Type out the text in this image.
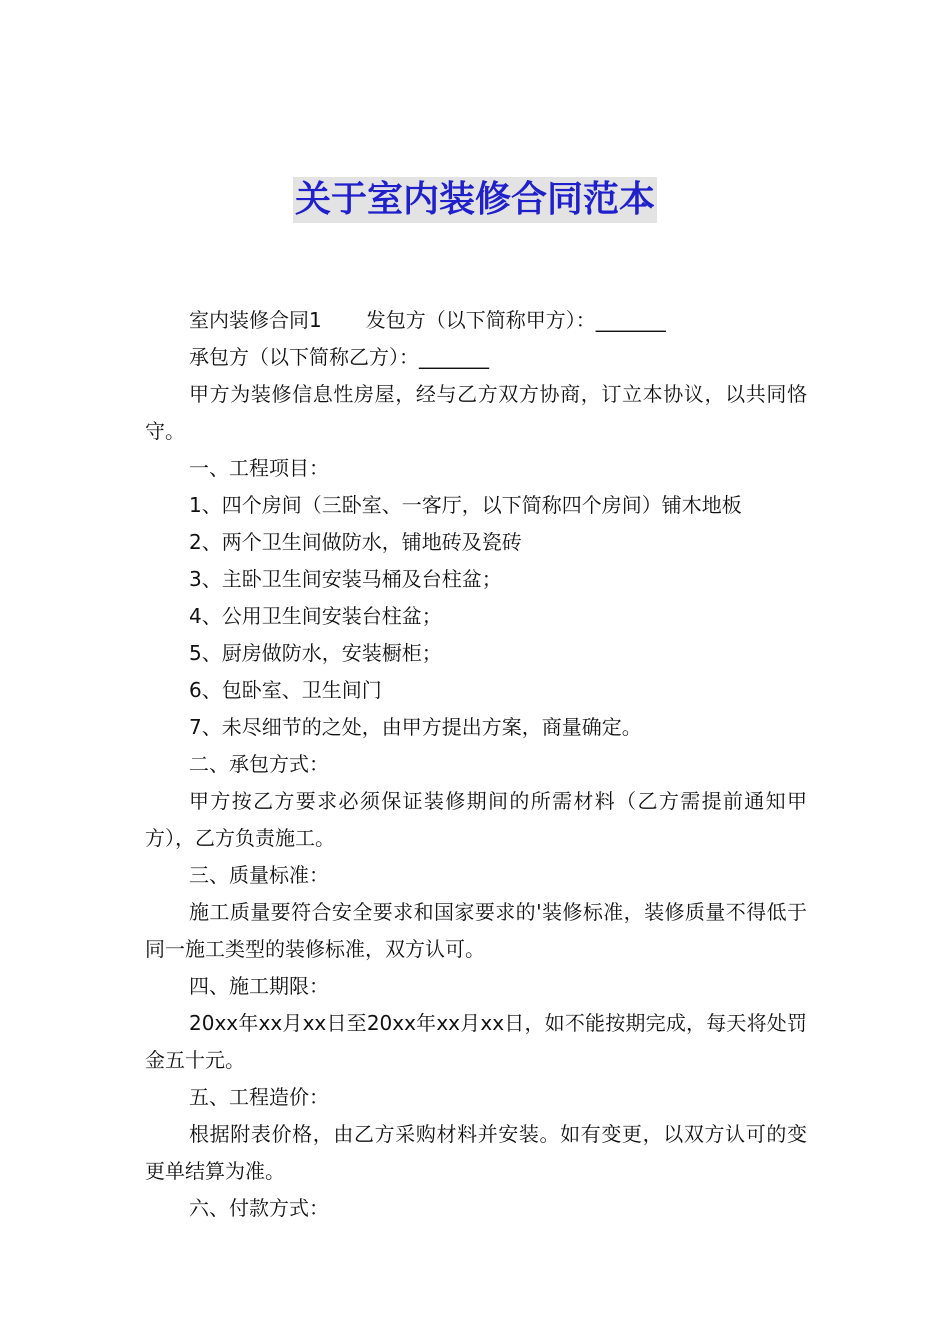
关于室内装修合同范本

室内装修合同1 发包方（以下简称甲方）：_______

承包方（以下简称乙方）：_______

甲方为装修信息性房屋，经与乙方双方协商，订立本协议，以共同恪守。

一、工程项目：

1、四个房间（三卧室、一客厅，以下简称四个房间）铺木地板

2、两个卫生间做防水，铺地砖及瓷砖

3、主卧卫生间安装马桶及台柱盆；

4、公用卫生间安装台柱盆；

5、厨房做防水，安装橱柜；

6、包卧室、卫生间门

7、未尽细节的之处，由甲方提出方案，商量确定。

二、承包方式：

甲方按乙方要求必须保证装修期间的所需材料（乙方需提前通知甲方），乙方负责施工。

三、质量标准：

施工质量要符合安全要求和国家要求的'装修标准，装修质量不得低于同一施工类型的装修标准，双方认可。

四、施工期限：

20xx年xx月xx日至20xx年xx月xx日，如不能按期完成，每天将处罚金五十元。

五、工程造价：

根据附表价格，由乙方采购材料并安装。如有变更，以双方认可的变更单结算为准。

六、付款方式：
